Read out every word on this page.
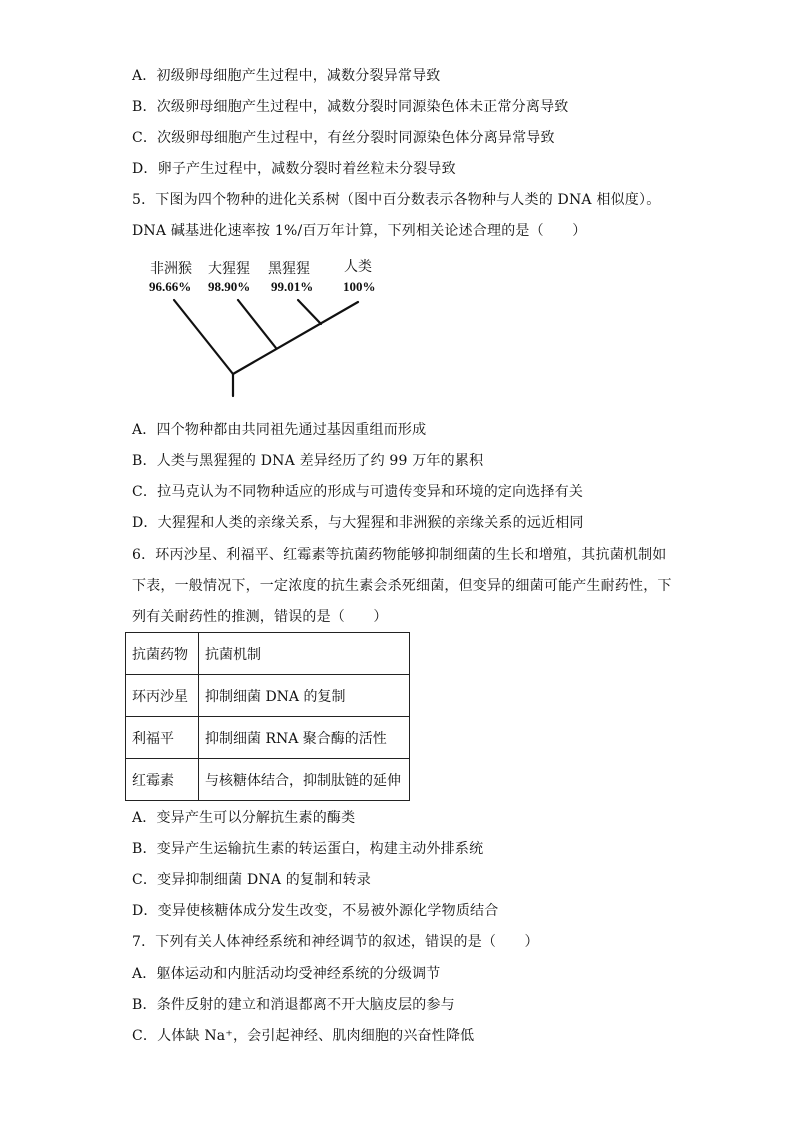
A．初级卵母细胞产生过程中，减数分裂异常导致
B．次级卵母细胞产生过程中，减数分裂时同源染色体未正常分离导致
C．次级卵母细胞产生过程中，有丝分裂时同源染色体分离异常导致
D．卵子产生过程中，减数分裂时着丝粒未分裂导致
5．下图为四个物种的进化关系树（图中百分数表示各物种与人类的 DNA 相似度）。
DNA 碱基进化速率按 1%/百万年计算，下列相关论述合理的是（　　）
非洲猴 大猩猩 黑猩猩 人类
96.66% 98.90% 99.01% 100%
A．四个物种都由共同祖先通过基因重组而形成
B．人类与黑猩猩的 DNA 差异经历了约 99 万年的累积
C．拉马克认为不同物种适应的形成与可遗传变异和环境的定向选择有关
D．大猩猩和人类的亲缘关系，与大猩猩和非洲猴的亲缘关系的远近相同
6．环丙沙星、利福平、红霉素等抗菌药物能够抑制细菌的生长和增殖，其抗菌机制如
下表，一般情况下，一定浓度的抗生素会杀死细菌，但变异的细菌可能产生耐药性，下
列有关耐药性的推测，错误的是（　　）
抗菌药物	抗菌机制
环丙沙星	抑制细菌 DNA 的复制
利福平	抑制细菌 RNA 聚合酶的活性
红霉素	与核糖体结合，抑制肽链的延伸
A．变异产生可以分解抗生素的酶类
B．变异产生运输抗生素的转运蛋白，构建主动外排系统
C．变异抑制细菌 DNA 的复制和转录
D．变异使核糖体成分发生改变，不易被外源化学物质结合
7．下列有关人体神经系统和神经调节的叙述，错误的是（　　）
A．躯体运动和内脏活动均受神经系统的分级调节
B．条件反射的建立和消退都离不开大脑皮层的参与
C．人体缺 Na⁺，会引起神经、肌肉细胞的兴奋性降低
